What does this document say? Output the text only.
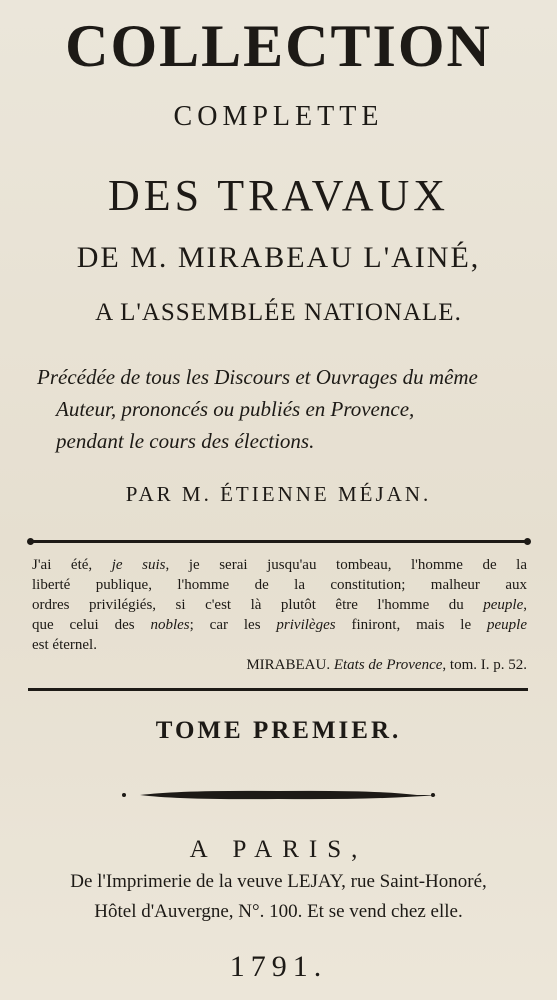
COLLECTION
COMPLETTE
DES TRAVAUX
DE M. MIRABEAU L'AINÉ,
A L'ASSEMBLÉE NATIONALE.
Précédée de tous les Discours et Ouvrages du même
Auteur, prononcés ou publiés en Provence,
pendant le cours des élections.
PAR M. ÉTIENNE MÉJAN.
J'ai été, je suis, je serai jusqu'au tombeau, l'homme de la
liberté publique, l'homme de la constitution; malheur aux
ordres privilégiés, si c'est là plutôt être l'homme du peuple,
que celui des nobles; car les privilèges finiront, mais le peuple
est éternel.
MIRABEAU. Etats de Provence, tom. I. p. 52.
TOME PREMIER.
A PARIS,
De l'Imprimerie de la veuve LEJAY, rue Saint-Honoré,
Hôtel d'Auvergne, N°. 100. Et se vend chez elle.
1791.
